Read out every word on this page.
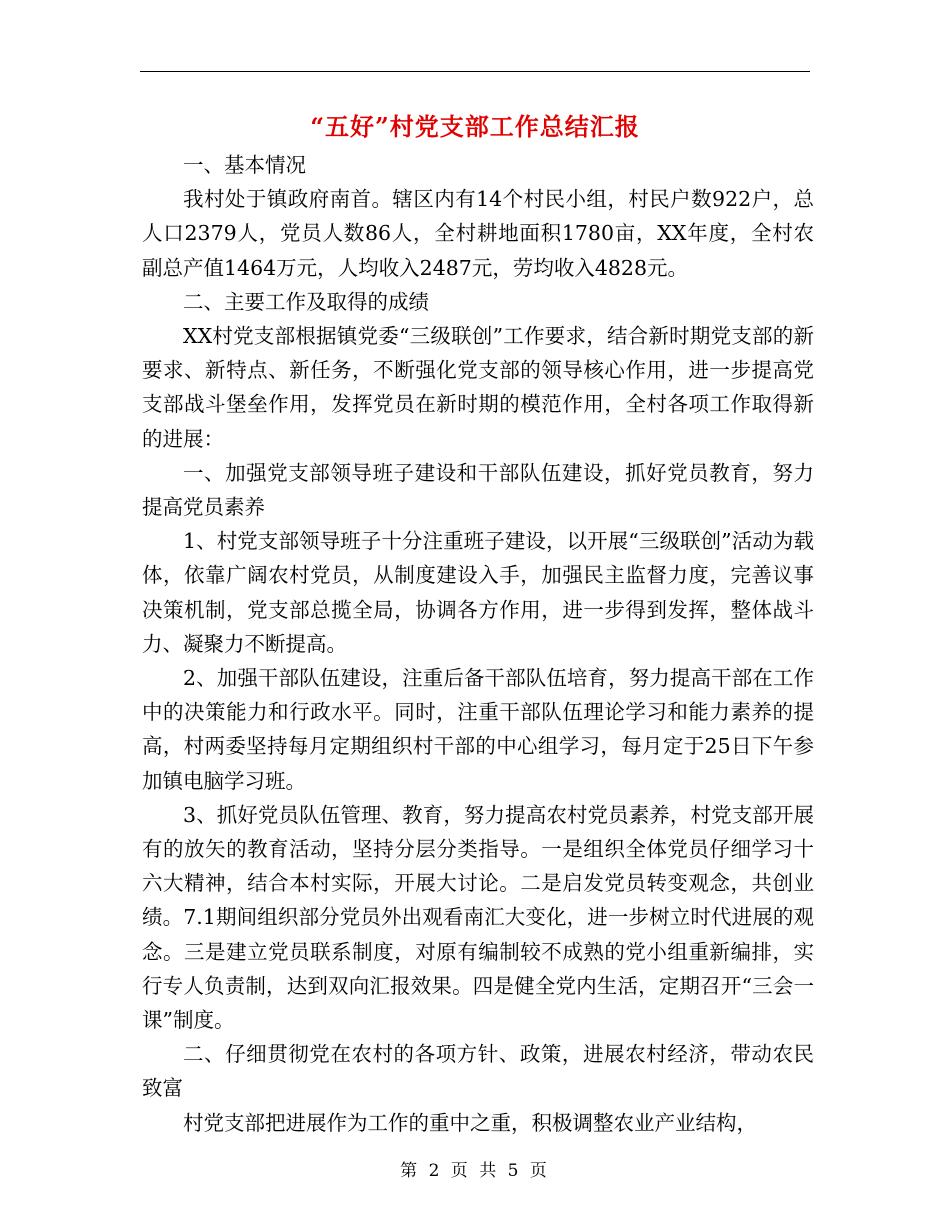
“五好”村党支部工作总结汇报

一、基本情况

我村处于镇政府南首。辖区内有14个村民小组，村民户数922户，总人口2379人，党员人数86人，全村耕地面积1780亩，XX年度，全村农副总产值1464万元，人均收入2487元，劳均收入4828元。

二、主要工作及取得的成绩

XX村党支部根据镇党委“三级联创”工作要求，结合新时期党支部的新要求、新特点、新任务，不断强化党支部的领导核心作用，进一步提高党支部战斗堡垒作用，发挥党员在新时期的模范作用，全村各项工作取得新的进展：

一、加强党支部领导班子建设和干部队伍建设，抓好党员教育，努力提高党员素养

1、村党支部领导班子十分注重班子建设，以开展“三级联创”活动为载体，依靠广阔农村党员，从制度建设入手，加强民主监督力度，完善议事决策机制，党支部总揽全局，协调各方作用，进一步得到发挥，整体战斗力、凝聚力不断提高。

2、加强干部队伍建设，注重后备干部队伍培育，努力提高干部在工作中的决策能力和行政水平。同时，注重干部队伍理论学习和能力素养的提高，村两委坚持每月定期组织村干部的中心组学习，每月定于25日下午参加镇电脑学习班。

3、抓好党员队伍管理、教育，努力提高农村党员素养，村党支部开展有的放矢的教育活动，坚持分层分类指导。一是组织全体党员仔细学习十六大精神，结合本村实际，开展大讨论。二是启发党员转变观念，共创业绩。7.1期间组织部分党员外出观看南汇大变化，进一步树立时代进展的观念。三是建立党员联系制度，对原有编制较不成熟的党小组重新编排，实行专人负责制，达到双向汇报效果。四是健全党内生活，定期召开“三会一课”制度。

二、仔细贯彻党在农村的各项方针、政策，进展农村经济，带动农民致富

村党支部把进展作为工作的重中之重，积极调整农业产业结构，

第 2 页 共 5 页
